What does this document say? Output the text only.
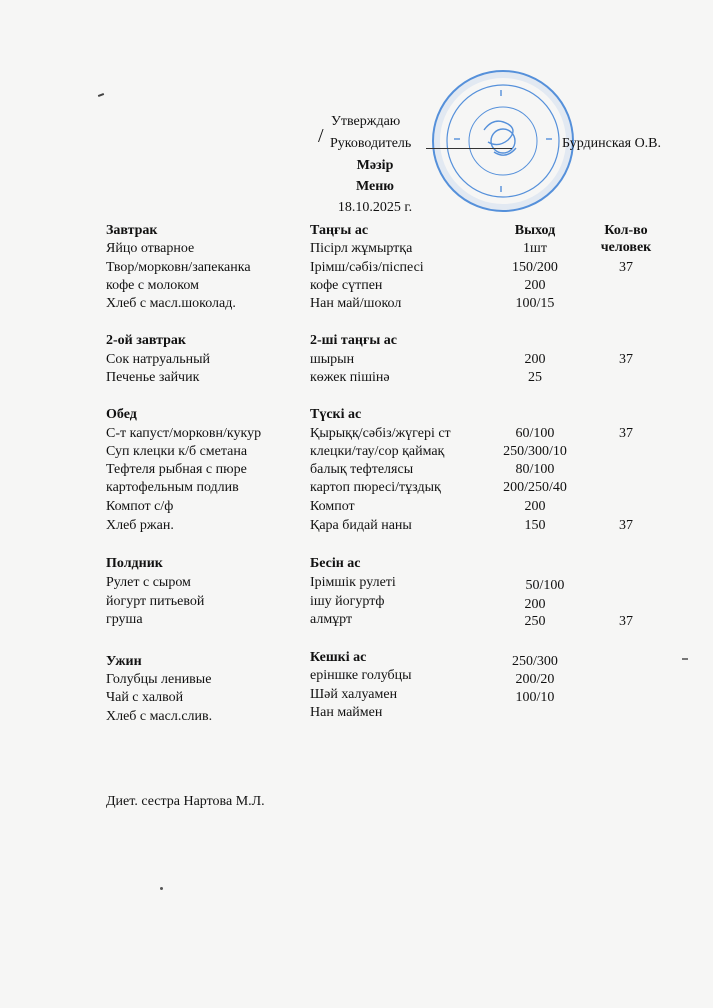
Утверждаю
/ Руководитель	Бурдинская О.В.
Мәзір
Меню
18.10.2025 г.
Завтрак	Таңғы ас	Выход	Кол-во
человек
Яйцо отварное	Пісірл жұмыртқа	1шт
Твор/морковн/запеканка	Ірімш/сәбіз/піспесі	150/200	37
кофе с молоком	кофе сүтпен	200
Хлеб с масл.шоколад.	Нан май/шокол	100/15
2-ой завтрак	2-ші таңғы ас
Сок натруальный	шырын	200	37
Печенье зайчик	көжек пішінә	25
Обед	Түскі ас
С-т капуст/морковн/кукур	Қырыққ/сәбіз/жүгері ст	60/100	37
Суп клецки к/б сметана	клецки/тау/сор қаймақ	250/300/10
Тефтеля рыбная с пюре	балық тефтелясы	80/100
картофельным подлив	картоп пюресі/тұздық	200/250/40
Компот с/ф	Компот	200
Хлеб ржан.	Қара бидай наны	150	37
Полдник	Бесін ас
Рулет с сыром	Ірімшік рулеті	50/100
йогурт питьевой	ішу йогуртф	200
груша	алмұрт	250	37
Ужин	Кешкі ас	250/300
Голубцы ленивые	еріншке голубцы	200/20
Чай с халвой	Шәй халуамен	100/10
Хлеб с масл.слив.	Нан маймен
Диет. сестра Нартова М.Л.
